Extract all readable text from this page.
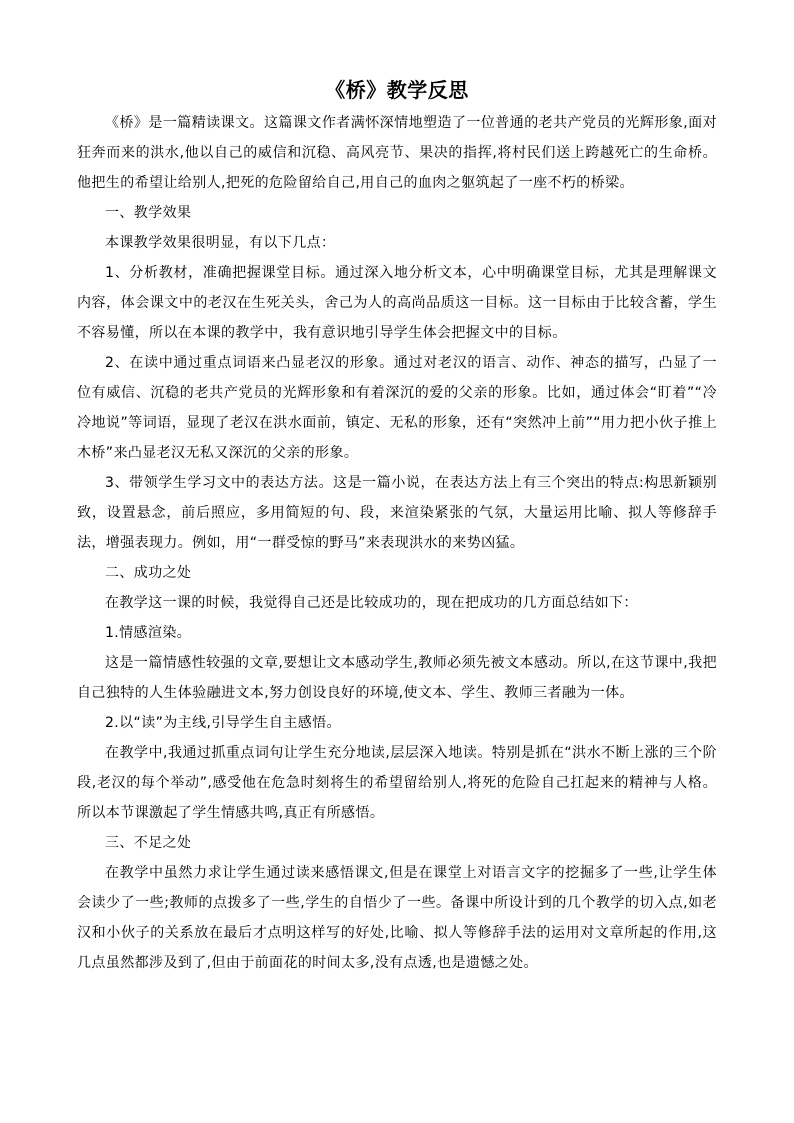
《桥》教学反思

《桥》是一篇精读课文。这篇课文作者满怀深情地塑造了一位普通的老共产党员的光辉形象,面对狂奔而来的洪水,他以自己的威信和沉稳、高风亮节、果决的指挥,将村民们送上跨越死亡的生命桥。他把生的希望让给别人,把死的危险留给自己,用自己的血肉之躯筑起了一座不朽的桥梁。

一、教学效果

本课教学效果很明显，有以下几点：

1、分析教材，准确把握课堂目标。通过深入地分析文本，心中明确课堂目标，尤其是理解课文内容，体会课文中的老汉在生死关头，舍己为人的高尚品质这一目标。这一目标由于比较含蓄，学生不容易懂，所以在本课的教学中，我有意识地引导学生体会把握文中的目标。

2、在读中通过重点词语来凸显老汉的形象。通过对老汉的语言、动作、神态的描写，凸显了一位有威信、沉稳的老共产党员的光辉形象和有着深沉的爱的父亲的形象。比如，通过体会“盯着”“冷冷地说”等词语，显现了老汉在洪水面前，镇定、无私的形象，还有“突然冲上前”“用力把小伙子推上木桥”来凸显老汉无私又深沉的父亲的形象。

3、带领学生学习文中的表达方法。这是一篇小说，在表达方法上有三个突出的特点:构思新颖别致，设置悬念，前后照应，多用简短的句、段，来渲染紧张的气氛，大量运用比喻、拟人等修辞手法，增强表现力。例如，用“一群受惊的野马”来表现洪水的来势凶猛。

二、成功之处

在教学这一课的时候，我觉得自己还是比较成功的，现在把成功的几方面总结如下：

1.情感渲染。

这是一篇情感性较强的文章,要想让文本感动学生,教师必须先被文本感动。所以,在这节课中,我把自己独特的人生体验融进文本,努力创设良好的环境,使文本、学生、教师三者融为一体。

2.以“读”为主线,引导学生自主感悟。

在教学中,我通过抓重点词句让学生充分地读,层层深入地读。特别是抓在“洪水不断上涨的三个阶段,老汉的每个举动”,感受他在危急时刻将生的希望留给别人,将死的危险自己扛起来的精神与人格。所以本节课激起了学生情感共鸣,真正有所感悟。

三、不足之处

在教学中虽然力求让学生通过读来感悟课文,但是在课堂上对语言文字的挖掘多了一些,让学生体会读少了一些;教师的点拨多了一些,学生的自悟少了一些。备课中所设计到的几个教学的切入点,如老汉和小伙子的关系放在最后才点明这样写的好处,比喻、拟人等修辞手法的运用对文章所起的作用,这几点虽然都涉及到了,但由于前面花的时间太多,没有点透,也是遗憾之处。
